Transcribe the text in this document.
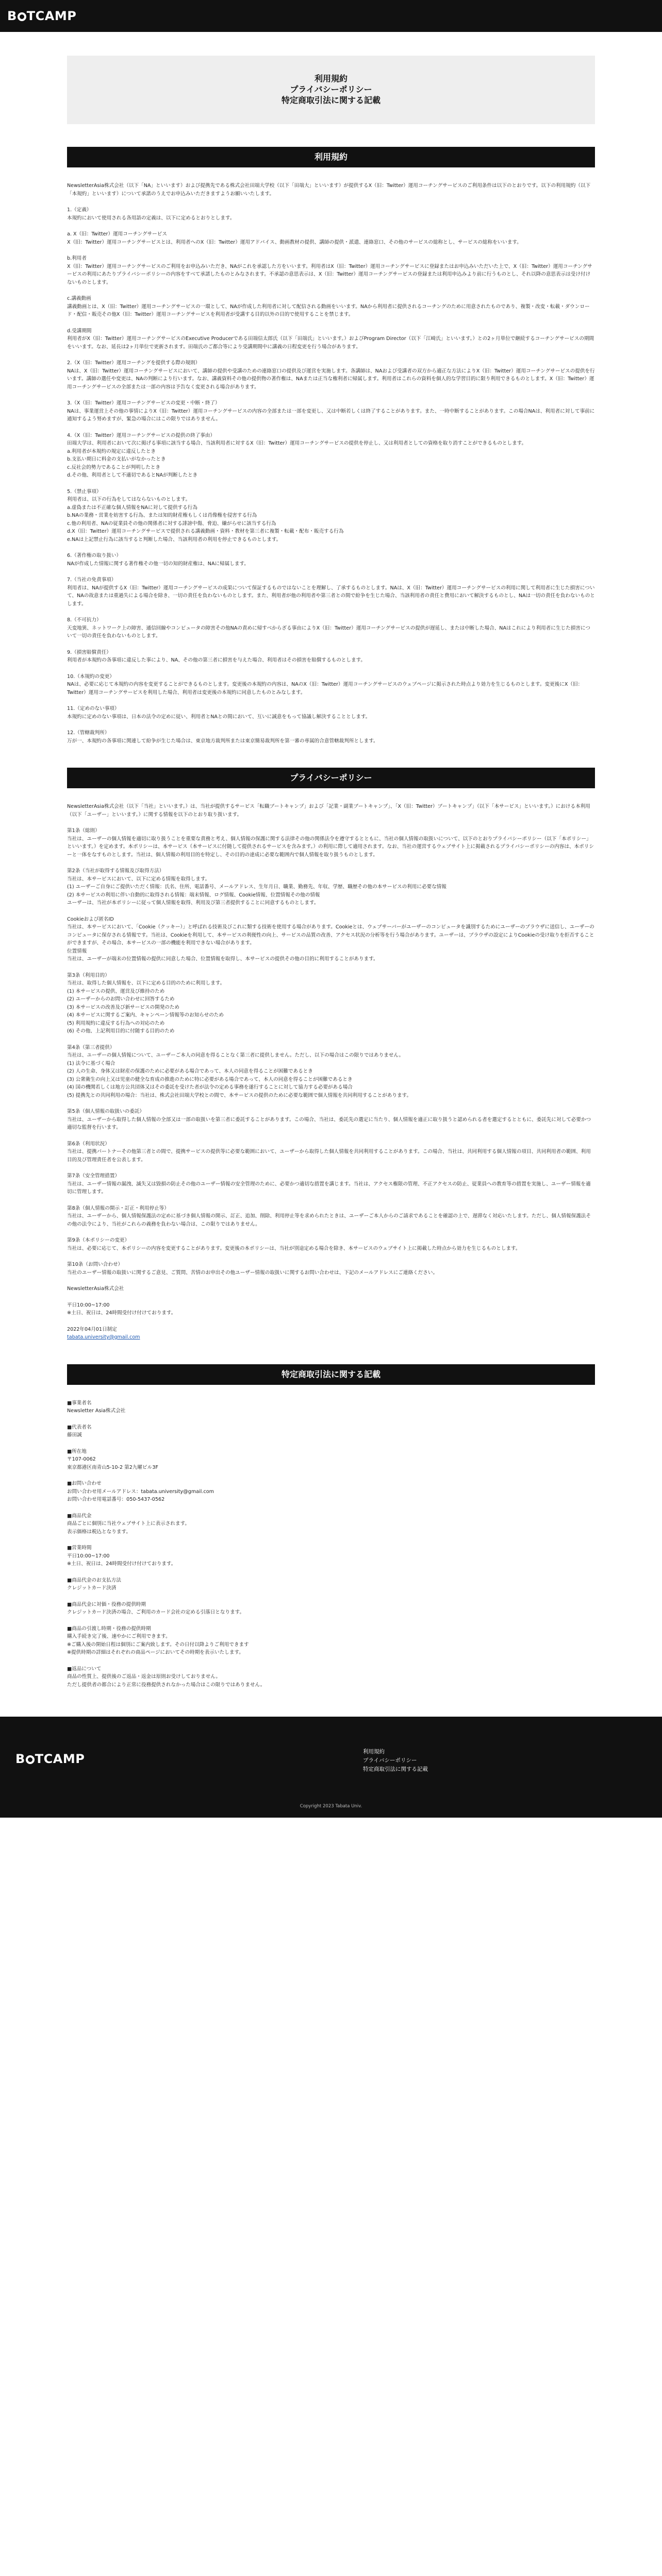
B TCAMP
利用規約
プライバシーポリシー
特定商取引法に関する記載
利用規約

NewsletterAsia株式会社（以下「NA」といいます）および提携先である株式会社田端大学校（以下「田端大」といいます）が提供するX（旧：Twitter）運用コーチングサービスのご利用条件は以下のとおりです。以下の利用規約（以下「本規約」といいます）について承諾のうえでお申込みいただきますようお願いいたします。

1.（定義）
本規約において使用される各用語の定義は、以下に定めるとおりとします。

a. X（旧：Twitter）運用コーチングサービス
X（旧：Twitter）運用コーチングサービスとは、利用者へのX（旧：Twitter）運用アドバイス、動画教材の提供、講師の提供・派遣、連絡窓口、その他のサービスの総称とし、サービスの総称をいいます。

b.利用者
X（旧：Twitter）運用コーチングサービスのご利用をお申込みいただき、NAがこれを承認した方をいいます。利用者はX（旧：Twitter）運用コーチングサービスに登録またはお申込みいただいた上で、X（旧：Twitter）運用コーチングサービスの利用にあたりプライバシーポリシーの内容をすべて承諾したものとみなされます。不承認の意思表示は、X（旧：Twitter）運用コーチングサービスの登録または利用申込みより前に行うものとし、それ以降の意思表示は受け付けないものとします。

c.講義動画
講義動画とは、X（旧：Twitter）運用コーチングサービスの一環として、NAが作成した利用者に対して配信される動画をいいます。NAから利用者に提供されるコーチングのために用意されたものであり、複製・改変・転載・ダウンロード・配信・販売その他X（旧：Twitter）運用コーチングサービスを利用者が受講する目的以外の目的で使用することを禁じます。

d.受講期間
利用者がX（旧：Twitter）運用コーチングサービスのExecutive Producerである田端信太郎氏（以下「田端氏」といいます。）およびProgram Director（以下「江崎氏」といいます。）との2ヶ月単位で継続するコーチングサービスの期間をいいます。なお、延長は2ヶ月単位で更新されます。田端氏のご都合等により受講期間中に講義の日程変更を行う場合があります。

2.（X（旧：Twitter）運用コーチングを提供する際の規則）
NAは、X（旧：Twitter）運用コーチングサービスにおいて、講師の提供や受講のための連絡窓口の提供及び運営を実施します。各講師は、NAおよび受講者の双方から適正な方法によりX（旧：Twitter）運用コーチングサービスの提供を行います。講師の選任や変更は、NAの判断により行います。なお、講義資料その他の提供物の著作権は、NAまたは正当な権利者に帰属します。利用者はこれらの資料を個人的な学習目的に限り利用できるものとします。X（旧：Twitter）運用コーチングサービスの全部または一部の内容は予告なく変更される場合があります。

3.（X（旧：Twitter）運用コーチングサービスの変更・中断・終了）
NAは、事業運営上その他の事情によりX（旧：Twitter）運用コーチングサービスの内容の全部または一部を変更し、又は中断若しくは終了することがあります。また、一時中断することがあります。この場合NAは、利用者に対して事前に通知するよう努めますが、緊急の場合にはこの限りではありません。

4.（X（旧：Twitter）運用コーチングサービスの提供の終了事由）
田端大学は、利用者において次に掲げる事項に該当する場合、当該利用者に対するX（旧：Twitter）運用コーチングサービスの提供を停止し、又は利用者としての資格を取り消すことができるものとします。
a.利用者が本規約の規定に違反したとき
b.支払い期日に料金の支払いがなかったとき
c.反社会的勢力であることが判明したとき
d.その他、利用者として不適切であるとNAが判断したとき

5.（禁止事項）
利用者は、以下の行為をしてはならないものとします。
a.虚偽または不正確な個人情報をNAに対して提供する行為
b.NAの業務・営業を妨害する行為、または知的財産権もしくは肖像権を侵害する行為
c.他の利用者、NAの従業員その他の関係者に対する誹謗中傷、脅迫、嫌がらせに該当する行為
d.X（旧：Twitter）運用コーチングサービスで提供される講義動画・資料・教材を第三者に複製・転載・配布・販売する行為
e.NAは上記禁止行為に該当すると判断した場合、当該利用者の利用を停止できるものとします。

6.（著作権の取り扱い）
NAが作成した情報に関する著作権その他一切の知的財産権は、NAに帰属します。

7.（当社の免責事項）
利用者は、NAが提供するX（旧：Twitter）運用コーチングサービスの成果について保証するものではないことを理解し、了承するものとします。NAは、X（旧：Twitter）運用コーチングサービスの利用に関して利用者に生じた損害について、NAの故意または重過失による場合を除き、一切の責任を負わないものとします。また、利用者が他の利用者や第三者との間で紛争を生じた場合、当該利用者の責任と費用において解決するものとし、NAは一切の責任を負わないものとします。

8.（不可抗力）
天変地異、ネットワーク上の障害、通信回線やコンピュータの障害その他NAの責めに帰すべからざる事由によりX（旧：Twitter）運用コーチングサービスの提供が遅延し、または中断した場合、NAはこれにより利用者に生じた損害について一切の責任を負わないものとします。

9.（損害賠償責任）
利用者が本規約の各事項に違反した事により、NA、その他の第三者に損害を与えた場合、利用者はその損害を賠償するものとします。

10.（本規約の変更）
NAは、必要に応じて本規約の内容を変更することができるものとします。変更後の本規約の内容は、NAのX（旧：Twitter）運用コーチングサービスのウェブページに掲示された時点より効力を生じるものとします。変更後にX（旧：Twitter）運用コーチングサービスを利用した場合、利用者は変更後の本規約に同意したものとみなします。

11.（定めのない事項）
本規約に定めのない事項は、日本の法令の定めに従い、利用者とNAとの間において、互いに誠意をもって協議し解決することとします。

12.（管轄裁判所）
万が一、本規約の各事項に関連して紛争が生じた場合は、東京地方裁判所または東京簡易裁判所を第一審の専属的合意管轄裁判所とします。

プライバシーポリシー

NewsletterAsia株式会社（以下「当社」といいます。）は、当社が提供するサービス「転職ブートキャンプ」および「記業・副業ブートキャンプ」、「X（旧：Twitter）ブートキャンプ」（以下「本サービス」といいます。）における本利用（以下「ユーザー」といいます。）に関する情報を以下のとおり取り扱います。

第1条（総則）
当社は、ユーザーの個人情報を適切に取り扱うことを重要な責務と考え、個人情報の保護に関する法律その他の関係法令を遵守するとともに、当社の個人情報の取扱いについて、以下のとおりプライバシーポリシー（以下「本ポリシー」といいます。）を定めます。本ポリシーは、本サービス（本サービスに付随して提供されるサービスを含みます。）の利用に際して適用されます。なお、当社の運営するウェブサイト上に掲載されるプライバシーポリシーの内容は、本ポリシーと一体をなすものとします。当社は、個人情報の利用目的を特定し、その目的の達成に必要な範囲内で個人情報を取り扱うものとします。

第2条（当社が取得する情報及び取得方法）
当社は、本サービスにおいて、以下に定める情報を取得します。
(1) ユーザーご自身にご提供いただく情報：氏名、住所、電話番号、メールアドレス、生年月日、職業、勤務先、年収、学歴、職歴その他の本サービスの利用に必要な情報
(2) 本サービスの利用に伴い自動的に取得される情報：端末情報、ログ情報、Cookie情報、位置情報その他の情報
ユーザーは、当社が本ポリシーに従って個人情報を取得、利用及び第三者提供することに同意するものとします。

Cookieおよび匿名ID
当社は、本サービスにおいて、「Cookie（クッキー）」と呼ばれる技術及びこれに類する技術を使用する場合があります。Cookieとは、ウェブサーバーがユーザーのコンピュータを識別するためにユーザーのブラウザに送信し、ユーザーのコンピュータに保存される情報です。当社は、Cookieを利用して、本サービスの利便性の向上、サービスの品質の改善、アクセス状況の分析等を行う場合があります。ユーザーは、ブラウザの設定によりCookieの受け取りを拒否することができますが、その場合、本サービスの一部の機能を利用できない場合があります。
位置情報
当社は、ユーザーが端末の位置情報の提供に同意した場合、位置情報を取得し、本サービスの提供その他の目的に利用することがあります。

第3条（利用目的）
当社は、取得した個人情報を、以下に定める目的のために利用します。
(1) 本サービスの提供、運営及び維持のため
(2) ユーザーからのお問い合わせに回答するため
(3) 本サービスの改善及び新サービスの開発のため
(4) 本サービスに関するご案内、キャンペーン情報等のお知らせのため
(5) 利用規約に違反する行為への対応のため
(6) その他、上記利用目的に付随する目的のため

第4条（第三者提供）
当社は、ユーザーの個人情報について、ユーザーご本人の同意を得ることなく第三者に提供しません。ただし、以下の場合はこの限りではありません。
(1) 法令に基づく場合
(2) 人の生命、身体又は財産の保護のために必要がある場合であって、本人の同意を得ることが困難であるとき
(3) 公衆衛生の向上又は児童の健全な育成の推進のために特に必要がある場合であって、本人の同意を得ることが困難であるとき
(4) 国の機関若しくは地方公共団体又はその委託を受けた者が法令の定める事務を遂行することに対して協力する必要がある場合
(5) 提携先との共同利用の場合：当社は、株式会社田端大学校との間で、本サービスの提供のために必要な範囲で個人情報を共同利用することがあります。

第5条（個人情報の取扱いの委託）
当社は、ユーザーから取得した個人情報の全部又は一部の取扱いを第三者に委託することがあります。この場合、当社は、委託先の選定に当たり、個人情報を適正に取り扱うと認められる者を選定するとともに、委託先に対して必要かつ適切な監督を行います。

第6条（利用状況）
当社は、提携パートナーその他第三者との間で、提携サービスの提供等に必要な範囲において、ユーザーから取得した個人情報を共同利用することがあります。この場合、当社は、共同利用する個人情報の項目、共同利用者の範囲、利用目的及び管理責任者を公表します。

第7条（安全管理措置）
当社は、ユーザー情報の漏洩、滅失又は毀損の防止その他のユーザー情報の安全管理のために、必要かつ適切な措置を講じます。当社は、アクセス権限の管理、不正アクセスの防止、従業員への教育等の措置を実施し、ユーザー情報を適切に管理します。

第8条（個人情報の開示・訂正・利用停止等）
当社は、ユーザーから、個人情報保護法の定めに基づき個人情報の開示、訂正、追加、削除、利用停止等を求められたときは、ユーザーご本人からのご請求であることを確認の上で、遅滞なく対応いたします。ただし、個人情報保護法その他の法令により、当社がこれらの義務を負わない場合は、この限りではありません。

第9条（本ポリシーの変更）
当社は、必要に応じて、本ポリシーの内容を変更することがあります。変更後の本ポリシーは、当社が別途定める場合を除き、本サービスのウェブサイト上に掲載した時点から効力を生じるものとします。

第10条（お問い合わせ）
当社のユーザー情報の取扱いに関するご意見、ご質問、苦情のお申出その他ユーザー情報の取扱いに関するお問い合わせは、下記のメールアドレスにご連絡ください。

NewsletterAsia株式会社

平日10:00~17:00
※土日、祝日は、24時間受付け付けております。

2022年04月01日制定
tabata.university@gmail.com

特定商取引法に関する記載

■事業者名
Newsletter Asia株式会社

■代表者名
藤田誠

■所在地
〒107-0062
東京都港区南青山5-10-2 第2九曜ビル3F

■お問い合わせ
お問い合わせ用メールアドレス：tabata.university@gmail.com
お問い合わせ用電話番号：050-5437-0562

■商品代金
商品ごとに個別に当社ウェブサイト上に表示されます。
表示価格は税込となります。

■営業時間
平日10:00~17:00
※土日、祝日は、24時間受付け付けております。

■商品代金のお支払方法
クレジットカード決済

■商品代金に対価・役務の提供時期
クレジットカード決済の場合、ご利用のカード会社の定める引落日となります。

■商品の引渡し時期・役務の提供時期
購入手続き完了後、速やかにご利用できます。
※ご購入後の開始日程は個別にご案内致します。その日付以降よりご利用できます
※提供時期の詳細はそれぞれの商品ページにおいてその時期を表示いたします。

■返品について
商品の性質上、提供後のご返品・返金は原則お受けしておりません。
ただし提供者の都合により正常に役務提供されなかった場合はこの限りではありません。

B TCAMP	利用規約
プライバシーポリシー
特定商取引法に関する記載
Copyright 2023 Tabata Univ.
